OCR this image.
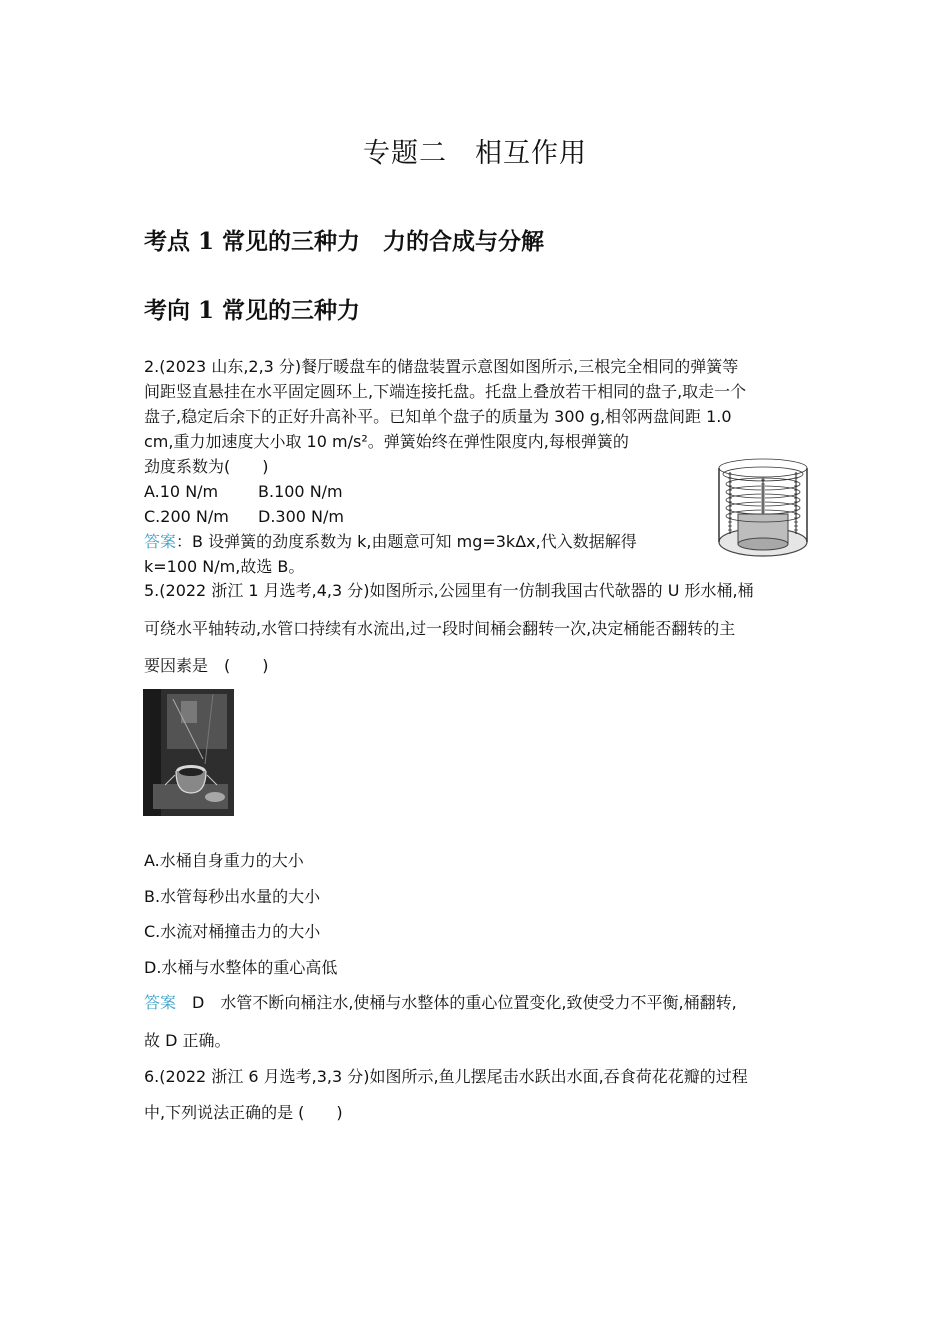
专题二　相互作用
考点 1 常见的三种力　力的合成与分解
考向 1 常见的三种力
2.(2023 山东,2,3 分)餐厅暖盘车的储盘装置示意图如图所示,三根完全相同的弹簧等
间距竖直悬挂在水平固定圆环上,下端连接托盘。托盘上叠放若干相同的盘子,取走一个
盘子,稳定后余下的正好升高补平。已知单个盘子的质量为 300 g,相邻两盘间距 1.0
cm,重力加速度大小取 10 m/s²。弹簧始终在弹性限度内,每根弹簧的
劲度系数为(　　)
A.10 N/m B.100 N/m
C.200 N/m D.300 N/m
答案：B 设弹簧的劲度系数为 k,由题意可知 mg=3kΔx,代入数据解得
k=100 N/m,故选 B。
5.(2022 浙江 1 月选考,4,3 分)如图所示,公园里有一仿制我国古代欹器的 U 形水桶,桶
可绕水平轴转动,水管口持续有水流出,过一段时间桶会翻转一次,决定桶能否翻转的主
要因素是　(　　)
A.水桶自身重力的大小
B.水管每秒出水量的大小
C.水流对桶撞击力的大小
D.水桶与水整体的重心高低
答案　D　水管不断向桶注水,使桶与水整体的重心位置变化,致使受力不平衡,桶翻转,
故 D 正确。
6.(2022 浙江 6 月选考,3,3 分)如图所示,鱼儿摆尾击水跃出水面,吞食荷花花瓣的过程
中,下列说法正确的是 (　　)
